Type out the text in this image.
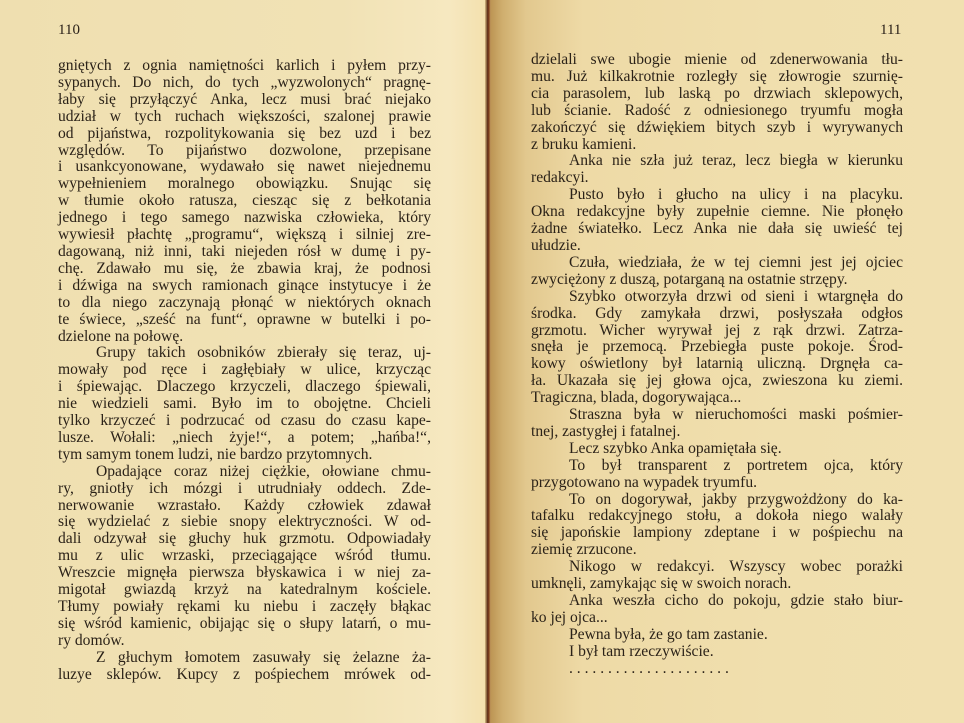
110
gniętych z ognia namiętności karlich i pyłem przy-
sypanych. Do nich, do tych „wyzwolonych“ pragnę-
łaby się przyłączyć Anka, lecz musi brać niejako
udział w tych ruchach większości, szalonej prawie
od pijaństwa, rozpolitykowania się bez uzd i bez
względów. To pijaństwo dozwolone, przepisane
i usankcyonowane, wydawało się nawet niejednemu
wypełnieniem moralnego obowiązku. Snując się
w tłumie około ratusza, ciesząc się z bełkotania
jednego i tego samego nazwiska człowieka, który
wywiesił płachtę „programu“, większą i silniej zre-
dagowaną, niż inni, taki niejeden rósł w dumę i py-
chę. Zdawało mu się, że zbawia kraj, że podnosi
i dźwiga na swych ramionach ginące instytucye i że
to dla niego zaczynają płonąć w niektórych oknach
te świece, „sześć na funt“, oprawne w butelki i po-
dzielone na połowę.
Grupy takich osobników zbierały się teraz, uj-
mowały pod ręce i zagłębiały w ulice, krzycząc
i śpiewając. Dlaczego krzyczeli, dlaczego śpiewali,
nie wiedzieli sami. Było im to obojętne. Chcieli
tylko krzyczeć i podrzucać od czasu do czasu kape-
lusze. Wołali: „niech żyje!“, a potem; „hańba!“,
tym samym tonem ludzi, nie bardzo przytomnych.
Opadające coraz niżej ciężkie, ołowiane chmu-
ry, gniotły ich mózgi i utrudniały oddech. Zde-
nerwowanie wzrastało. Każdy człowiek zdawał
się wydzielać z siebie snopy elektryczności. W od-
dali odzywał się głuchy huk grzmotu. Odpowiadały
mu z ulic wrzaski, przeciągające wśród tłumu.
Wreszcie mignęła pierwsza błyskawica i w niej za-
migotał gwiazdą krzyż na katedralnym kościele.
Tłumy powiały rękami ku niebu i zaczęły błąkac
się wśród kamienic, obijając się o słupy latarń, o mu-
ry domów.
Z głuchym łomotem zasuwały się żelazne ża-
luzye sklepów. Kupcy z pośpiechem mrówek od-
111
dzielali swe ubogie mienie od zdenerwowania tłu-
mu. Już kilkakrotnie rozległy się złowrogie szurnię-
cia parasolem, lub laską po drzwiach sklepowych,
lub ścianie. Radość z odniesionego tryumfu mogła
zakończyć się dźwiękiem bitych szyb i wyrywanych
z bruku kamieni.
Anka nie szła już teraz, lecz biegła w kierunku
redakcyi.
Pusto było i głucho na ulicy i na placyku.
Okna redakcyjne były zupełnie ciemne. Nie płonęło
żadne światełko. Lecz Anka nie dała się uwieść tej
ułudzie.
Czuła, wiedziała, że w tej ciemni jest jej ojciec
zwyciężony z duszą, potarganą na ostatnie strzępy.
Szybko otworzyła drzwi od sieni i wtargnęła do
środka. Gdy zamykała drzwi, posłyszała odgłos
grzmotu. Wicher wyrywał jej z rąk drzwi. Zatrza-
snęła je przemocą. Przebiegła puste pokoje. Środ-
kowy oświetlony był latarnią uliczną. Drgnęła ca-
ła. Ukazała się jej głowa ojca, zwieszona ku ziemi.
Tragiczna, blada, dogorywająca...
Straszna była w nieruchomości maski pośmier-
tnej, zastygłej i fatalnej.
Lecz szybko Anka opamiętała się.
To był transparent z portretem ojca, który
przygotowano na wypadek tryumfu.
To on dogorywał, jakby przygwożdżony do ka-
tafalku redakcyjnego stołu, a dokoła niego walały
się japońskie lampiony zdeptane i w pośpiechu na
ziemię zrzucone.
Nikogo w redakcyi. Wszyscy wobec porażki
umknęli, zamykając się w swoich norach.
Anka weszła cicho do pokoju, gdzie stało biur-
ko jej ojca...
Pewna była, że go tam zastanie.
I był tam rzeczywiście.
. . . . . . . . . . . . . . . . . . . . .
